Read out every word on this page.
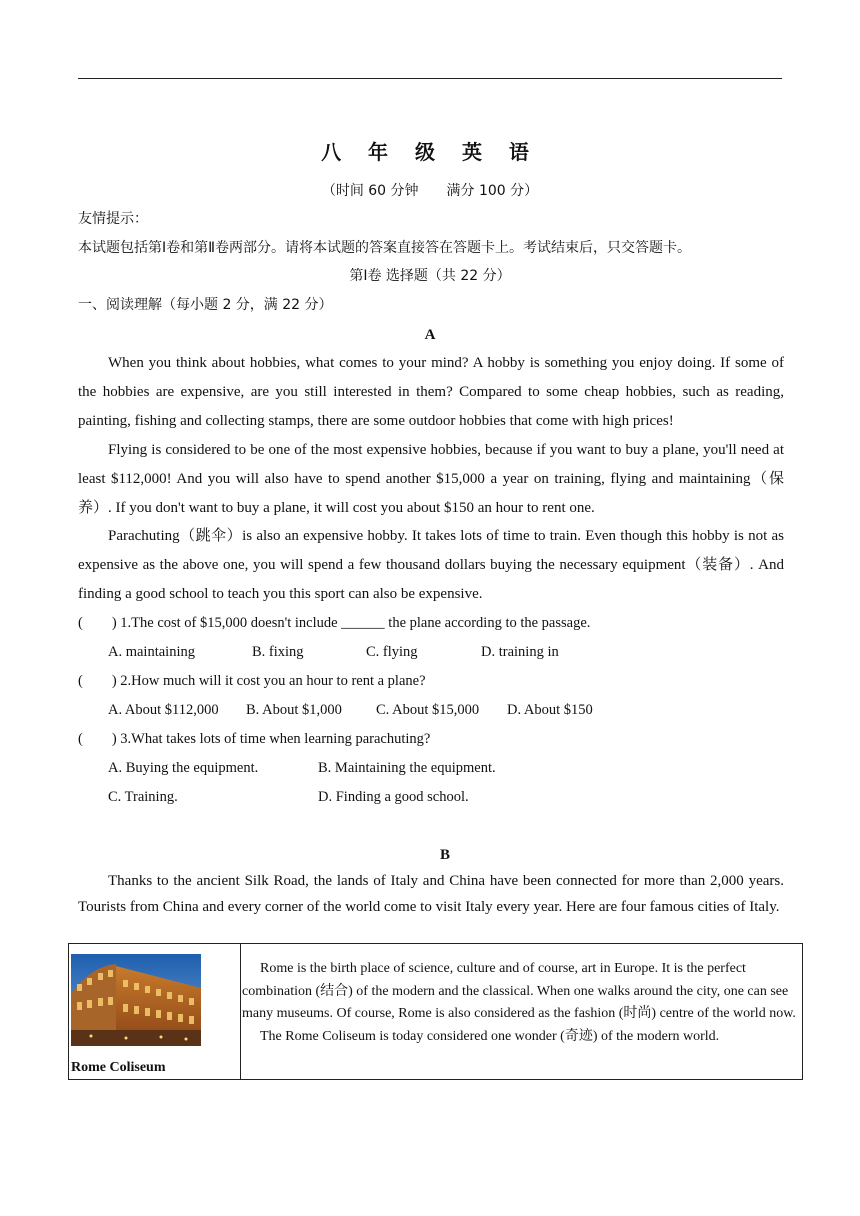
八 年 级 英 语
（时间 60 分钟　　满分 100 分）
友情提示：
本试题包括第Ⅰ卷和第Ⅱ卷两部分。请将本试题的答案直接答在答题卡上。考试结束后，只交答题卡。
第Ⅰ卷 选择题（共 22 分）
一、阅读理解（每小题 2 分，满 22 分）
A
When you think about hobbies, what comes to your mind? A hobby is something you enjoy doing. If some of the hobbies are expensive, are you still interested in them? Compared to some cheap hobbies, such as reading, painting, fishing and collecting stamps, there are some outdoor hobbies that come with high prices!
Flying is considered to be one of the most expensive hobbies, because if you want to buy a plane, you'll need at least $112,000! And you will also have to spend another $15,000 a year on training, flying and maintaining（保养）. If you don't want to buy a plane, it will cost you about $150 an hour to rent one.
Parachuting（跳伞）is also an expensive hobby. It takes lots of time to train. Even though this hobby is not as expensive as the above one, you will spend a few thousand dollars buying the necessary equipment（装备）. And finding a good school to teach you this sport can also be expensive.
(　　) 1.The cost of $15,000 doesn't include ______ the plane according to the passage.
A. maintaining	B. fixing	C. flying	D. training in
(　　) 2.How much will it cost you an hour to rent a plane?
A. About $112,000 B. About $1,000 C. About $15,000 D. About $150
(　　) 3.What takes lots of time when learning parachuting?
A. Buying the equipment.	B. Maintaining the equipment.
C. Training.	D. Finding a good school.
B
Thanks to the ancient Silk Road, the lands of Italy and China have been connected for more than 2,000 years. Tourists from China and every corner of the world come to visit Italy every year. Here are four famous cities of Italy.
Rome Coliseum

Rome is the birth place of science, culture and of course, art in Europe. It is the perfect combination (结合) of the modern and the classical. When one walks around the city, one can see many museums. Of course, Rome is also considered as the fashion (时尚) centre of the world now.

The Rome Coliseum is today considered one wonder (奇迹) of the modern world.
